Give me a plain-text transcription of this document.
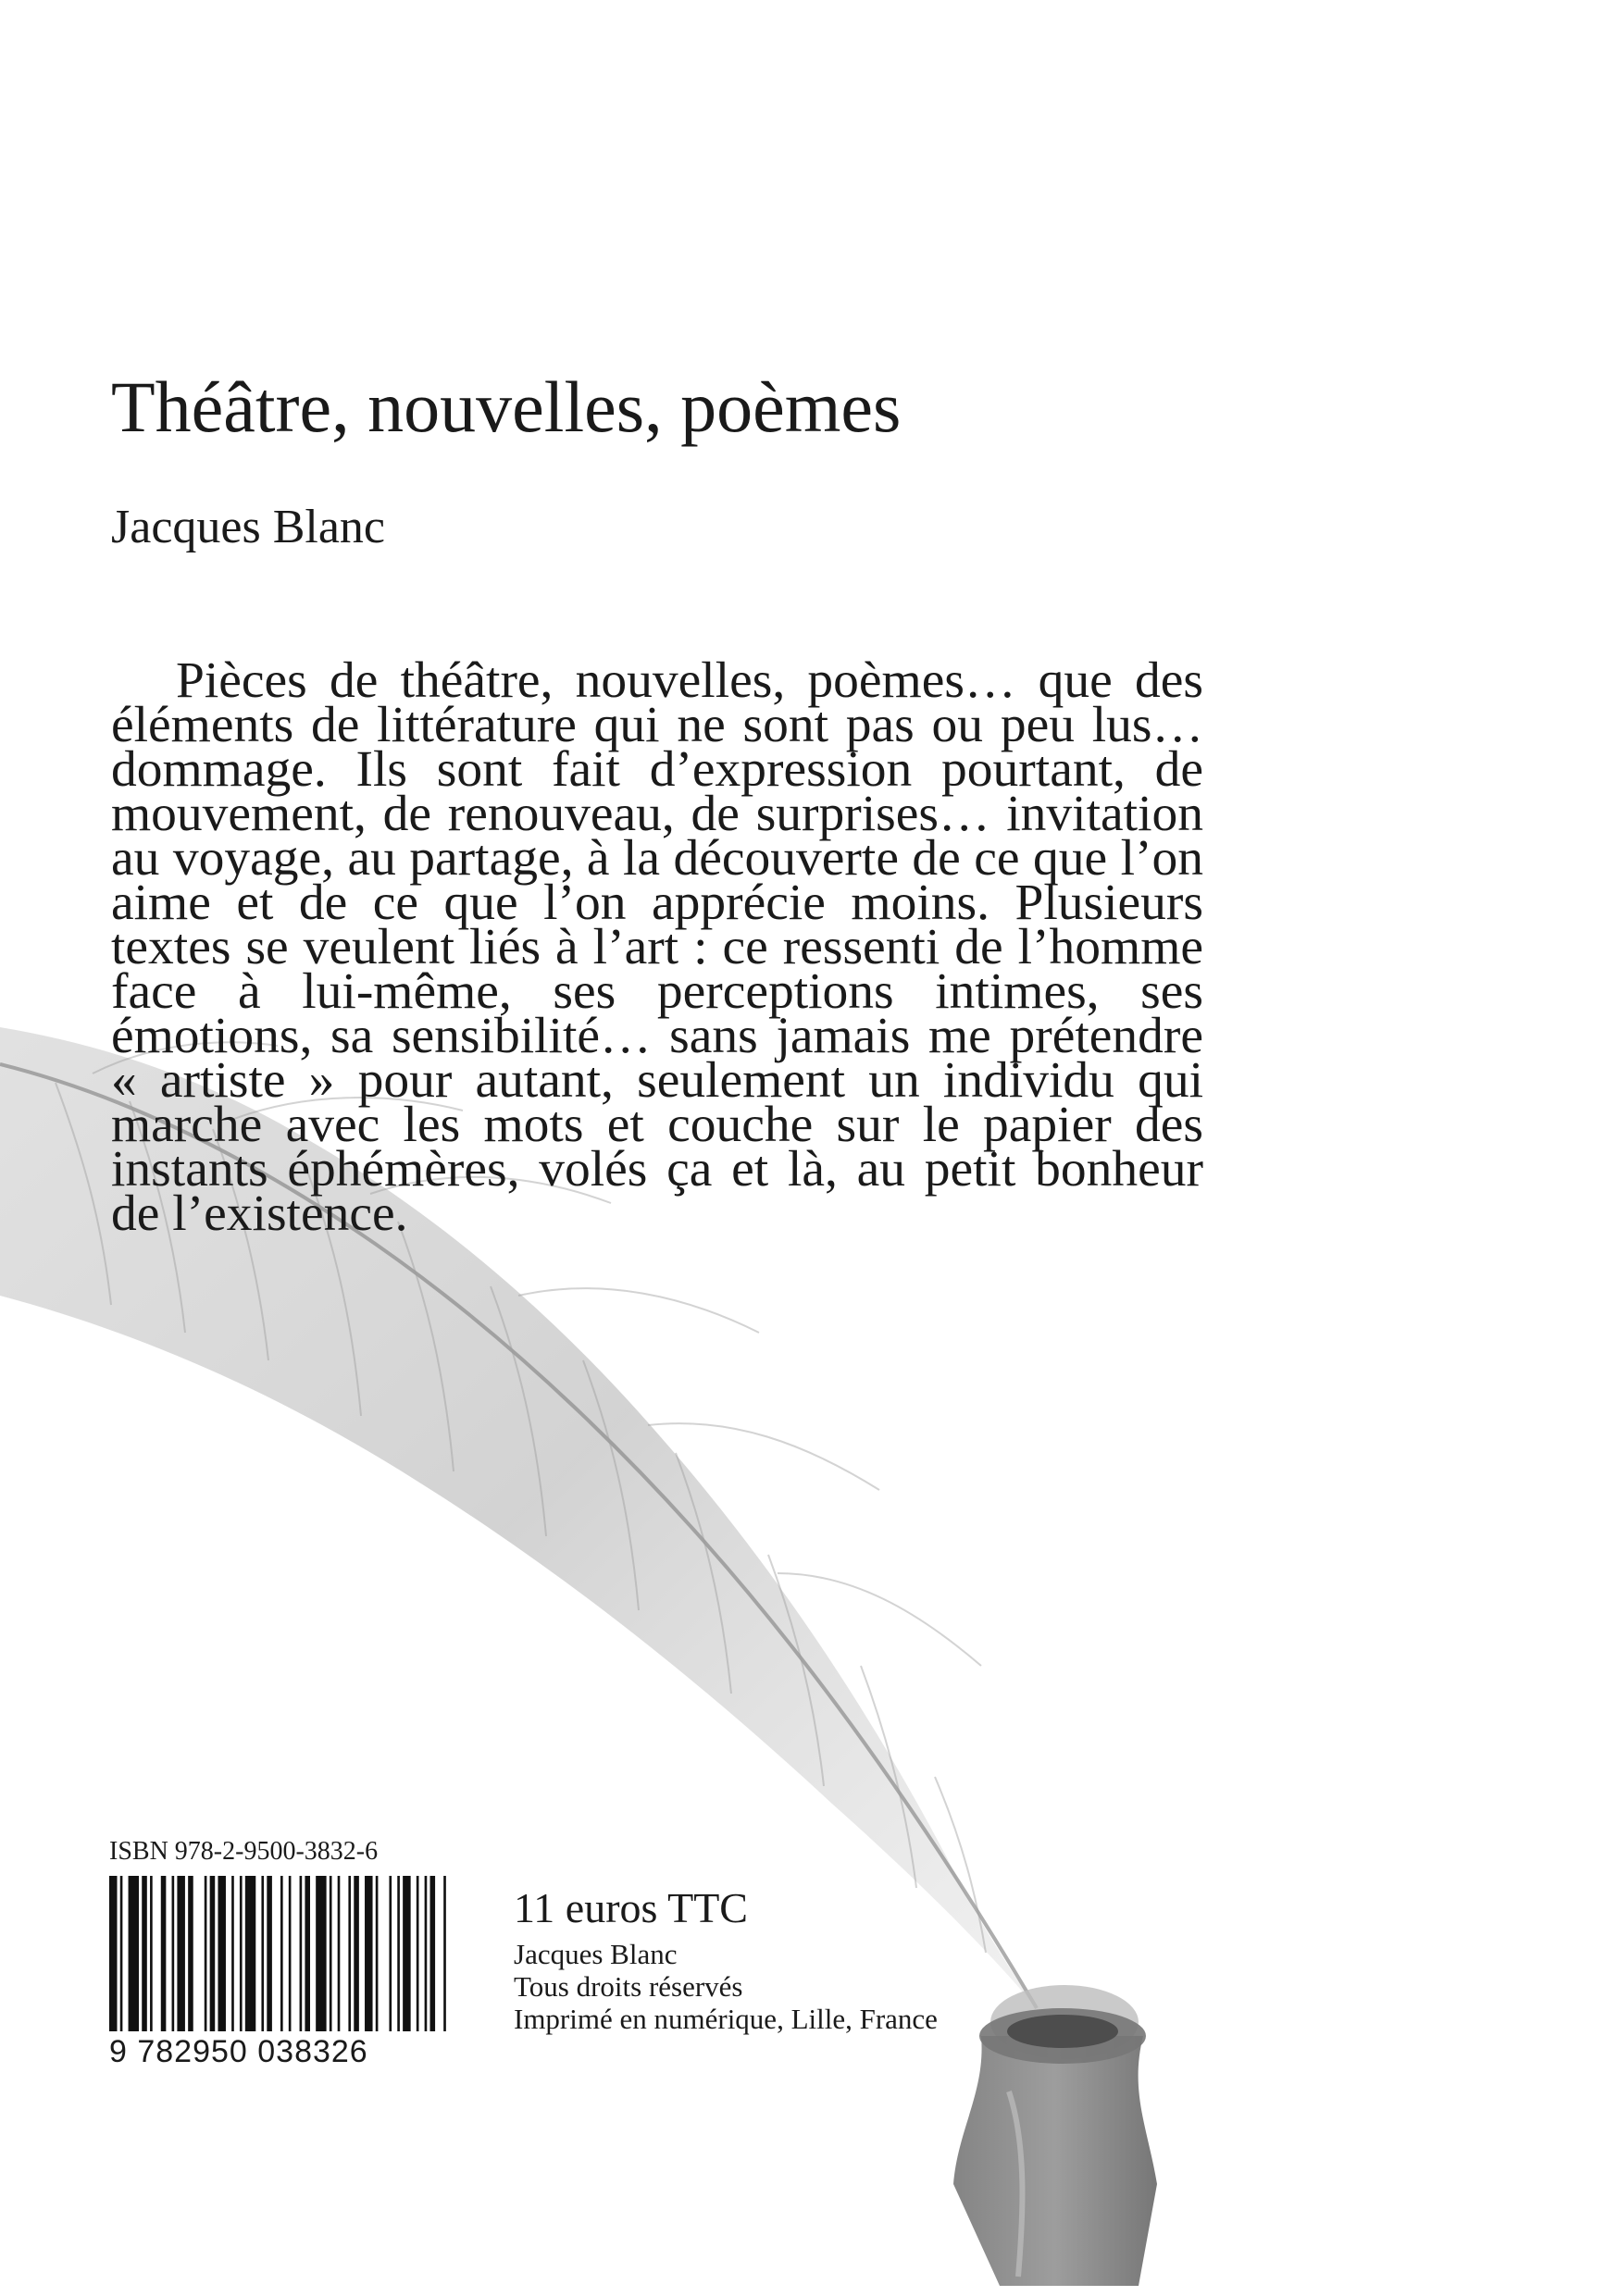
Théâtre, nouvelles, poèmes
Jacques Blanc

Pièces de théâtre, nouvelles, poèmes… que des éléments de littérature qui ne sont pas ou peu lus… dommage. Ils sont fait d’expression pourtant, de mouvement, de renouveau, de surprises… invitation au voyage, au partage, à la découverte de ce que l’on aime et de ce que l’on apprécie moins. Plusieurs textes se veulent liés à l’art : ce ressenti de l’homme face à lui-même, ses perceptions intimes, ses émotions, sa sensibilité… sans jamais me prétendre « artiste » pour autant, seulement un individu qui marche avec les mots et couche sur le papier des instants éphémères, volés ça et là, au petit bonheur de l’existence.

ISBN 978-2-9500-3832-6
9 782950 038326
11 euros TTC
Jacques Blanc
Tous droits réservés
Imprimé en numérique, Lille, France
